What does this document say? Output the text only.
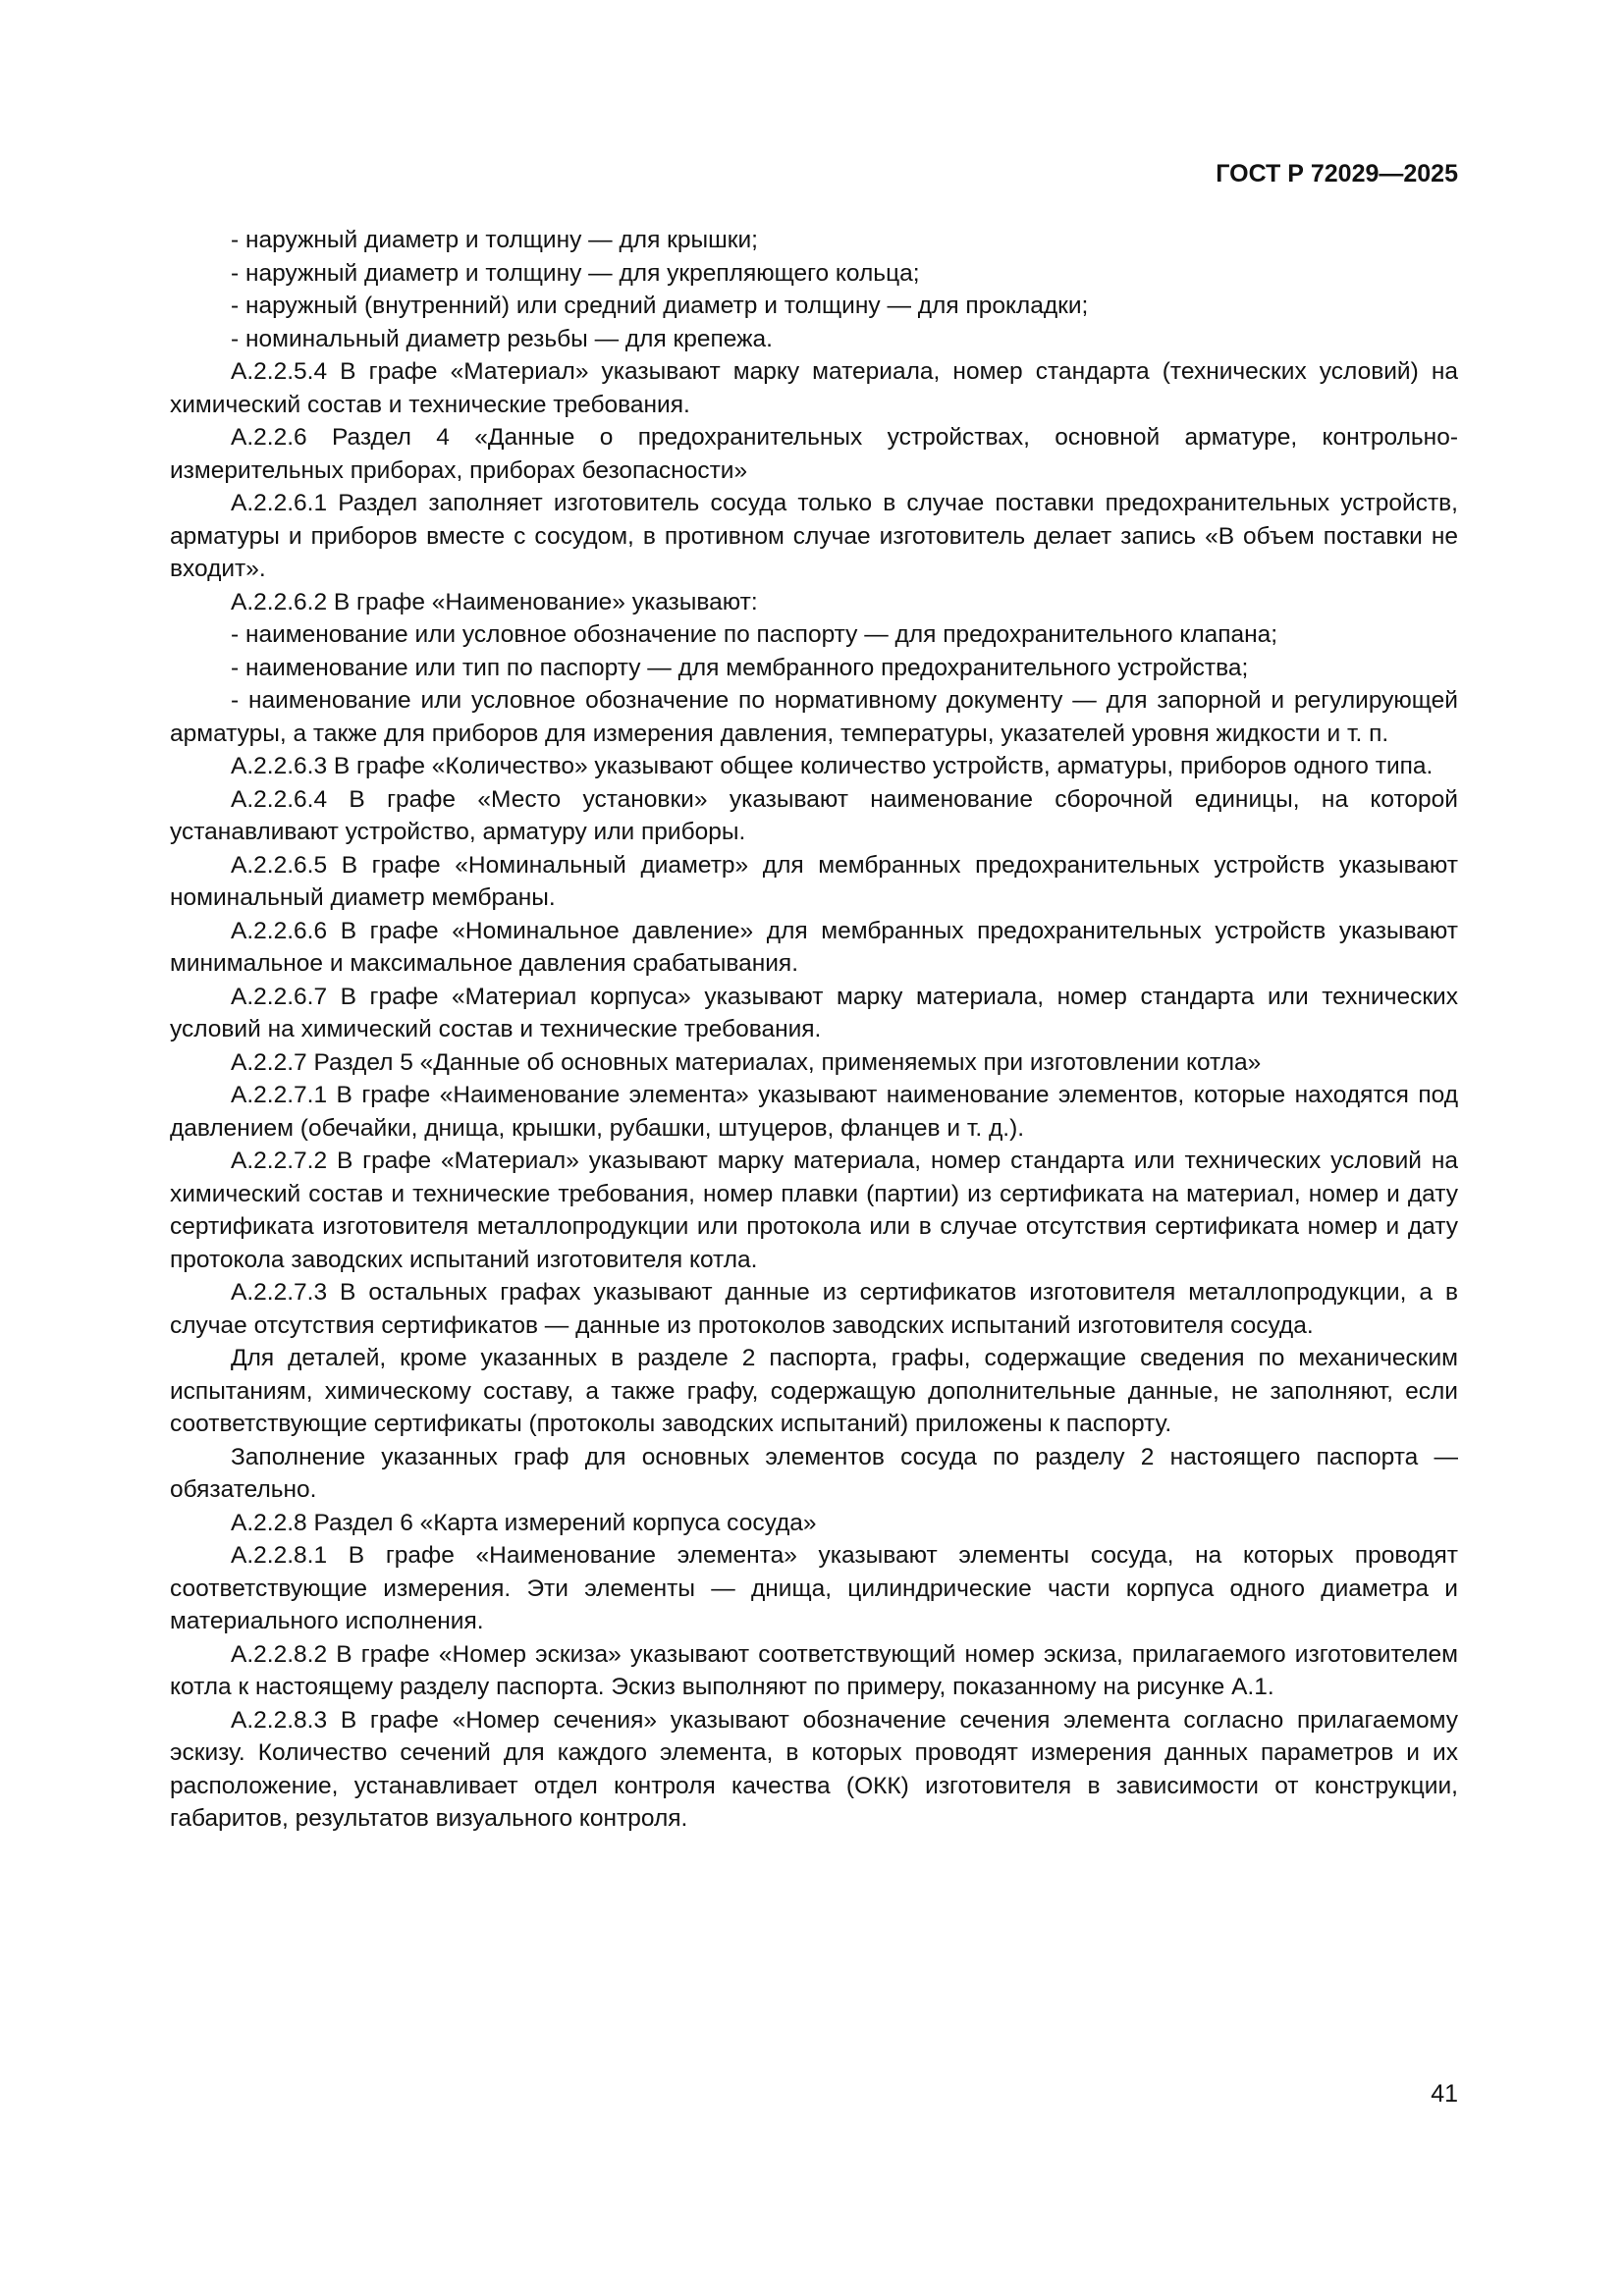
ГОСТ Р 72029—2025

- наружный диаметр и толщину — для крышки;

- наружный диаметр и толщину — для укрепляющего кольца;

- наружный (внутренний) или средний диаметр и толщину — для прокладки;

- номинальный диаметр резьбы — для крепежа.

А.2.2.5.4 В графе «Материал» указывают марку материала, номер стандарта (технических условий) на химический состав и технические требования.

А.2.2.6 Раздел 4 «Данные о предохранительных устройствах, основной арматуре, контрольно-измерительных приборах, приборах безопасности»

А.2.2.6.1 Раздел заполняет изготовитель сосуда только в случае поставки предохранительных устройств, арматуры и приборов вместе с сосудом, в противном случае изготовитель делает запись «В объем поставки не входит».

А.2.2.6.2 В графе «Наименование» указывают:

- наименование или условное обозначение по паспорту — для предохранительного клапана;

- наименование или тип по паспорту — для мембранного предохранительного устройства;

- наименование или условное обозначение по нормативному документу — для запорной и регулирующей арматуры, а также для приборов для измерения давления, температуры, указателей уровня жидкости и т. п.

А.2.2.6.3 В графе «Количество» указывают общее количество устройств, арматуры, приборов одного типа.

А.2.2.6.4 В графе «Место установки» указывают наименование сборочной единицы, на которой устанавливают устройство, арматуру или приборы.

А.2.2.6.5 В графе «Номинальный диаметр» для мембранных предохранительных устройств указывают номинальный диаметр мембраны.

А.2.2.6.6 В графе «Номинальное давление» для мембранных предохранительных устройств указывают минимальное и максимальное давления срабатывания.

А.2.2.6.7 В графе «Материал корпуса» указывают марку материала, номер стандарта или технических условий на химический состав и технические требования.

А.2.2.7 Раздел 5 «Данные об основных материалах, применяемых при изготовлении котла»

А.2.2.7.1 В графе «Наименование элемента» указывают наименование элементов, которые находятся под давлением (обечайки, днища, крышки, рубашки, штуцеров, фланцев и т. д.).

А.2.2.7.2 В графе «Материал» указывают марку материала, номер стандарта или технических условий на химический состав и технические требования, номер плавки (партии) из сертификата на материал, номер и дату сертификата изготовителя металлопродукции или протокола или в случае отсутствия сертификата номер и дату протокола заводских испытаний изготовителя котла.

А.2.2.7.3 В остальных графах указывают данные из сертификатов изготовителя металлопродукции, а в случае отсутствия сертификатов — данные из протоколов заводских испытаний изготовителя сосуда.

Для деталей, кроме указанных в разделе 2 паспорта, графы, содержащие сведения по механическим испытаниям, химическому составу, а также графу, содержащую дополнительные данные, не заполняют, если соответствующие сертификаты (протоколы заводских испытаний) приложены к паспорту.

Заполнение указанных граф для основных элементов сосуда по разделу 2 настоящего паспорта — обязательно.

А.2.2.8 Раздел 6 «Карта измерений корпуса сосуда»

А.2.2.8.1 В графе «Наименование элемента» указывают элементы сосуда, на которых проводят соответствующие измерения. Эти элементы — днища, цилиндрические части корпуса одного диаметра и материального исполнения.

А.2.2.8.2 В графе «Номер эскиза» указывают соответствующий номер эскиза, прилагаемого изготовителем котла к настоящему разделу паспорта. Эскиз выполняют по примеру, показанному на рисунке А.1.

А.2.2.8.3 В графе «Номер сечения» указывают обозначение сечения элемента согласно прилагаемому эскизу. Количество сечений для каждого элемента, в которых проводят измерения данных параметров и их расположение, устанавливает отдел контроля качества (ОКК) изготовителя в зависимости от конструкции, габаритов, результатов визуального контроля.

41
